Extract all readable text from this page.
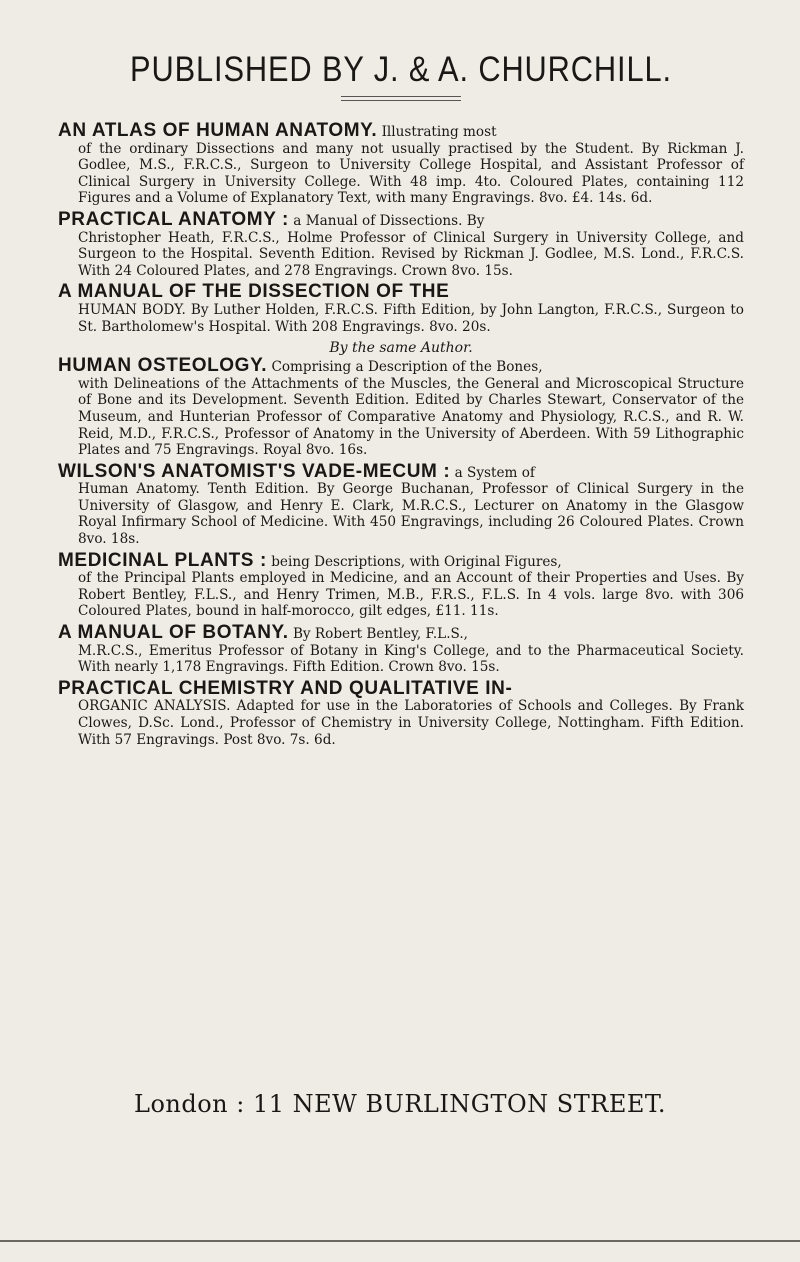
PUBLISHED BY J. & A. CHURCHILL.
AN ATLAS OF HUMAN ANATOMY. Illustrating most
of the ordinary Dissections and many not usually practised by the Student. By Rickman J. Godlee, M.S., F.R.C.S., Surgeon to University College Hospital, and Assistant Professor of Clinical Surgery in University College. With 48 imp. 4to. Coloured Plates, containing 112 Figures and a Volume of Explanatory Text, with many Engravings. 8vo. £4. 14s. 6d.
PRACTICAL ANATOMY : a Manual of Dissections. By
Christopher Heath, F.R.C.S., Holme Professor of Clinical Surgery in University College, and Surgeon to the Hospital. Seventh Edition. Revised by Rickman J. Godlee, M.S. Lond., F.R.C.S. With 24 Coloured Plates, and 278 Engravings. Crown 8vo. 15s.
A MANUAL OF THE DISSECTION OF THE
HUMAN BODY. By Luther Holden, F.R.C.S. Fifth Edition, by John Langton, F.R.C.S., Surgeon to St. Bartholomew's Hospital. With 208 Engravings. 8vo. 20s.
By the same Author.
HUMAN OSTEOLOGY. Comprising a Description of the Bones,
with Delineations of the Attachments of the Muscles, the General and Microscopical Structure of Bone and its Development. Seventh Edition. Edited by Charles Stewart, Conservator of the Museum, and Hunterian Professor of Comparative Anatomy and Physiology, R.C.S., and R. W. Reid, M.D., F.R.C.S., Professor of Anatomy in the University of Aberdeen. With 59 Lithographic Plates and 75 Engravings. Royal 8vo. 16s.
WILSON'S ANATOMIST'S VADE-MECUM : a System of
Human Anatomy. Tenth Edition. By George Buchanan, Professor of Clinical Surgery in the University of Glasgow, and Henry E. Clark, M.R.C.S., Lecturer on Anatomy in the Glasgow Royal Infirmary School of Medicine. With 450 Engravings, including 26 Coloured Plates. Crown 8vo. 18s.
MEDICINAL PLANTS : being Descriptions, with Original Figures,
of the Principal Plants employed in Medicine, and an Account of their Properties and Uses. By Robert Bentley, F.L.S., and Henry Trimen, M.B., F.R.S., F.L.S. In 4 vols. large 8vo. with 306 Coloured Plates, bound in half-morocco, gilt edges, £11. 11s.
A MANUAL OF BOTANY. By Robert Bentley, F.L.S.,
M.R.C.S., Emeritus Professor of Botany in King's College, and to the Pharmaceutical Society. With nearly 1,178 Engravings. Fifth Edition. Crown 8vo. 15s.
PRACTICAL CHEMISTRY AND QUALITATIVE IN-
ORGANIC ANALYSIS. Adapted for use in the Laboratories of Schools and Colleges. By Frank Clowes, D.Sc. Lond., Professor of Chemistry in University College, Nottingham. Fifth Edition. With 57 Engravings. Post 8vo. 7s. 6d.
London : 11 NEW BURLINGTON STREET.
